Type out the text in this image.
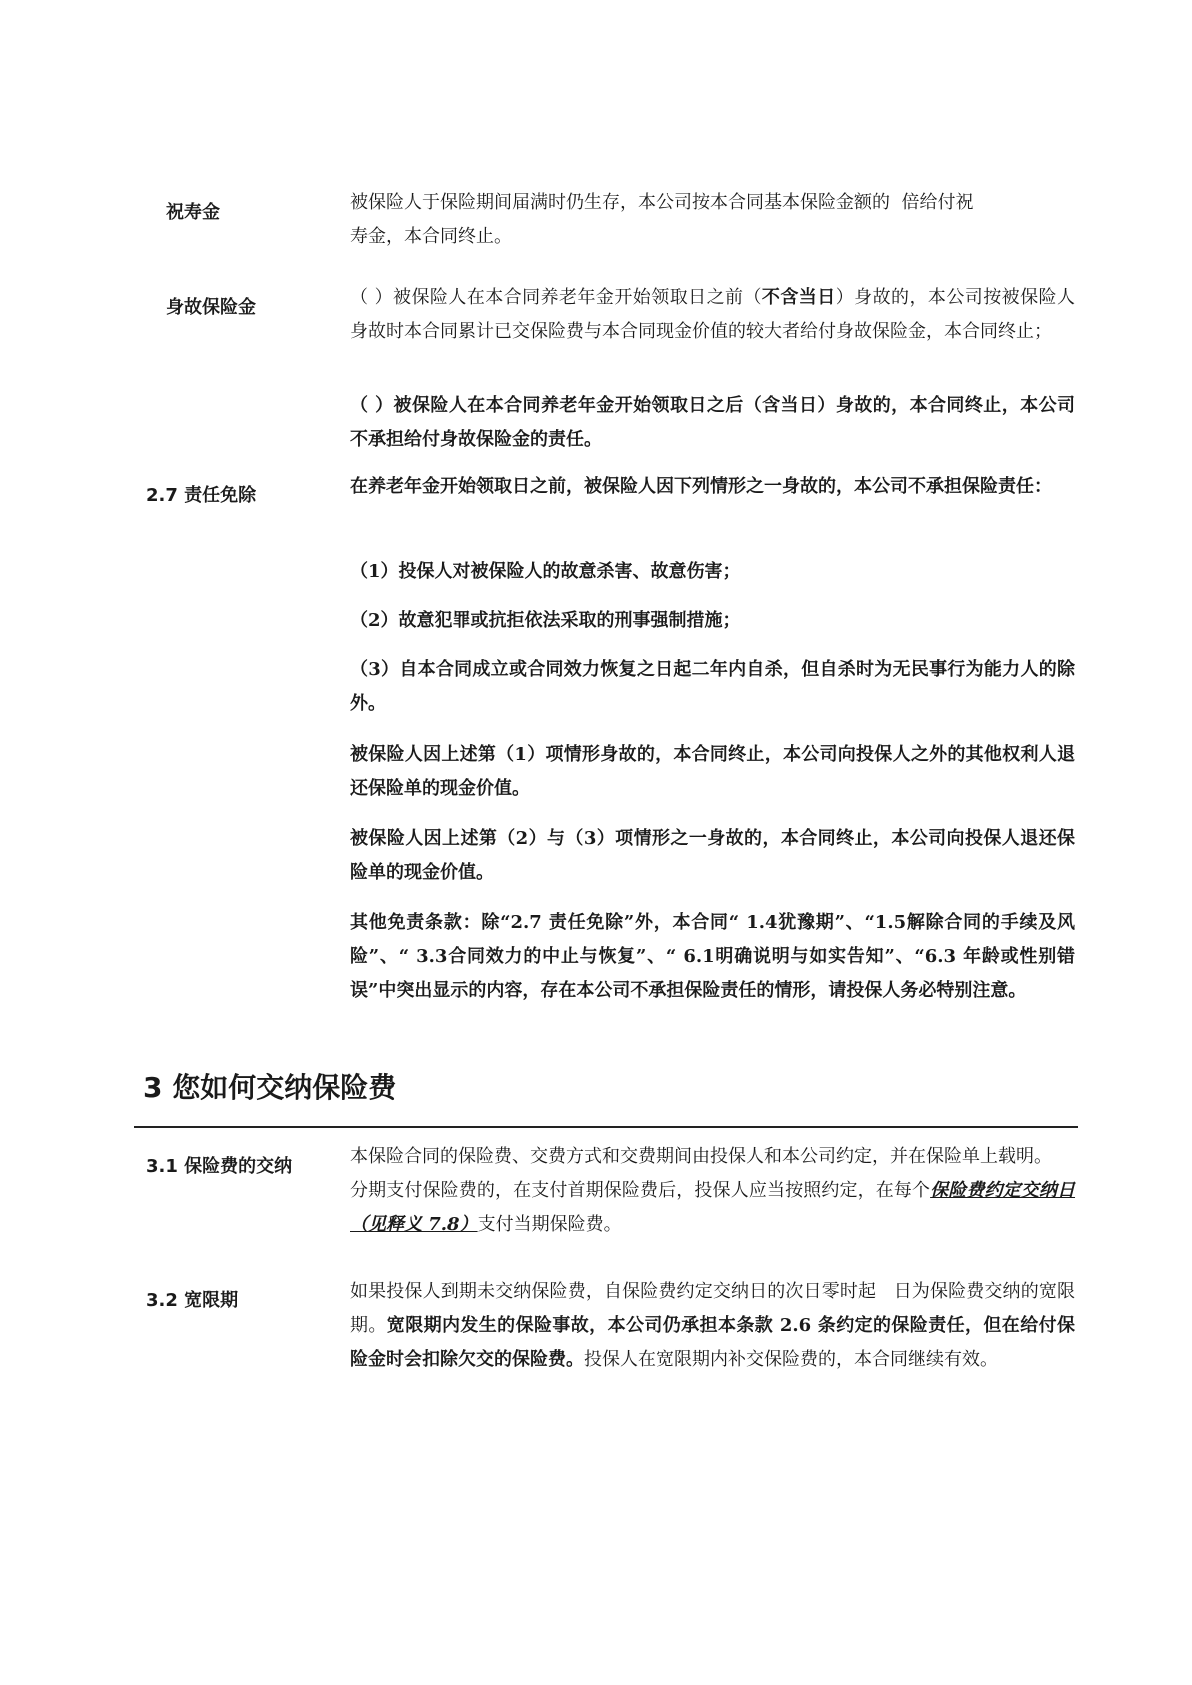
祝寿金	被保险人于保险期间届满时仍生存，本公司按本合同基本保险金额的  倍给付祝
寿金，本合同终止。
身故保险金	（ ）被保险人在本合同养老年金开始领取日之前（不含当日）身故的，本公司按被保险人身故时本合同累计已交保险费与本合同现金价值的较大者给付身故保险金，本合同终止；
（ ）被保险人在本合同养老年金开始领取日之后（含当日）身故的，本合同终止，本公司不承担给付身故保险金的责任。
2.7 责任免除	在养老年金开始领取日之前，被保险人因下列情形之一身故的，本公司不承担保险责任：
（1）投保人对被保险人的故意杀害、故意伤害；
（2）故意犯罪或抗拒依法采取的刑事强制措施；
（3）自本合同成立或合同效力恢复之日起二年内自杀，但自杀时为无民事行为能力人的除外。
被保险人因上述第（1）项情形身故的，本合同终止，本公司向投保人之外的其他权利人退还保险单的现金价值。
被保险人因上述第（2）与（3）项情形之一身故的，本合同终止，本公司向投保人退还保险单的现金价值。
其他免责条款：除“2.7 责任免除”外，本合同“ 1.4犹豫期”、“1.5解除合同的手续及风险”、“ 3.3合同效力的中止与恢复”、“ 6.1明确说明与如实告知”、“6.3 年龄或性别错误”中突出显示的内容，存在本公司不承担保险责任的情形，请投保人务必特别注意。
3 您如何交纳保险费
3.1 保险费的交纳	本保险合同的保险费、交费方式和交费期间由投保人和本公司约定，并在保险单上载明。
分期支付保险费的，在支付首期保险费后，投保人应当按照约定，在每个保险费约定交纳日（见释义 7.8）支付当期保险费。
3.2 宽限期	如果投保人到期未交纳保险费，自保险费约定交纳日的次日零时起   日为保险费交纳的宽限期。宽限期内发生的保险事故，本公司仍承担本条款 2.6 条约定的保险责任，但在给付保险金时会扣除欠交的保险费。投保人在宽限期内补交保险费的，本合同继续有效。
